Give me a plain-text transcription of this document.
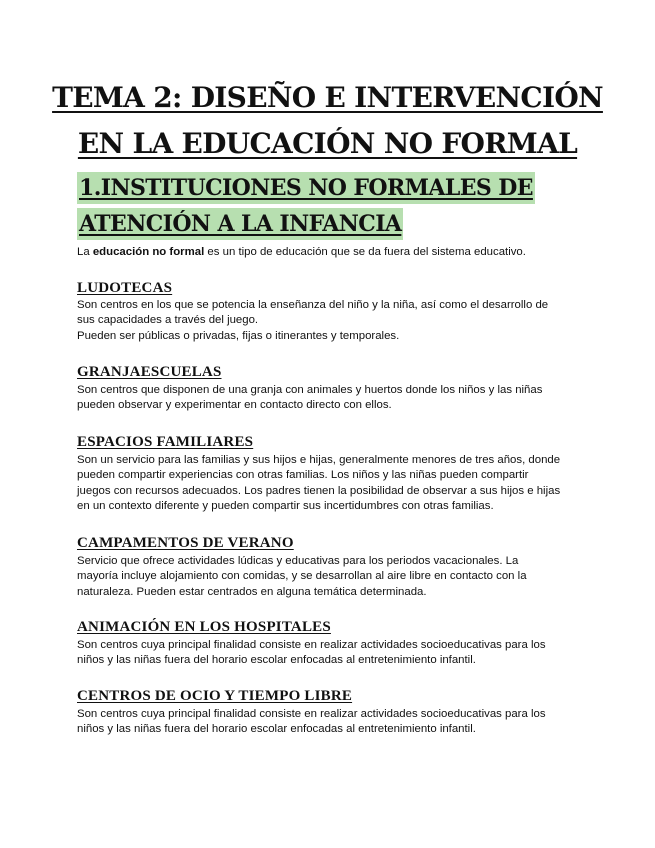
TEMA 2: DISEÑO E INTERVENCIÓN
EN LA EDUCACIÓN NO FORMAL
1.INSTITUCIONES NO FORMALES DE
ATENCIÓN A LA INFANCIA

La educación no formal es un tipo de educación que se da fuera del sistema educativo.

LUDOTECAS

Son centros en los que se potencia la enseñanza del niño y la niña, así como el desarrollo de
sus capacidades a través del juego.
Pueden ser públicas o privadas, fijas o itinerantes y temporales.

GRANJAESCUELAS

Son centros que disponen de una granja con animales y huertos donde los niños y las niñas
pueden observar y experimentar en contacto directo con ellos.

ESPACIOS FAMILIARES

Son un servicio para las familias y sus hijos e hijas, generalmente menores de tres años, donde
pueden compartir experiencias con otras familias. Los niños y las niñas pueden compartir
juegos con recursos adecuados. Los padres tienen la posibilidad de observar a sus hijos e hijas
en un contexto diferente y pueden compartir sus incertidumbres con otras familias.

CAMPAMENTOS DE VERANO

Servicio que ofrece actividades lúdicas y educativas para los periodos vacacionales. La
mayoría incluye alojamiento con comidas, y se desarrollan al aire libre en contacto con la
naturaleza. Pueden estar centrados en alguna temática determinada.

ANIMACIÓN EN LOS HOSPITALES

Son centros cuya principal finalidad consiste en realizar actividades socioeducativas para los
niños y las niñas fuera del horario escolar enfocadas al entretenimiento infantil.

CENTROS DE OCIO Y TIEMPO LIBRE

Son centros cuya principal finalidad consiste en realizar actividades socioeducativas para los
niños y las niñas fuera del horario escolar enfocadas al entretenimiento infantil.
